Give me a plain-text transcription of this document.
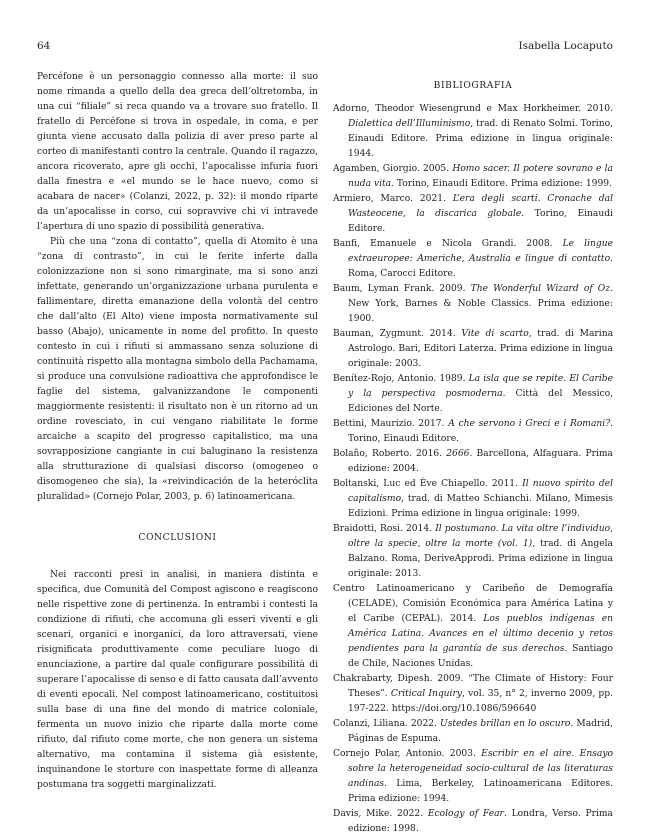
64	Isabella Locaputo

Percéfone è un personaggio connesso alla morte: il suo nome rimanda a quello della dea greca dell’oltretomba, in una cui “filiale” si reca quando va a trovare suo fratello. Il fratello di Percéfone si trova in ospedale, in coma, e per giunta viene accusato dalla polizia di aver preso parte al corteo di manifestanti contro la centrale. Quando il ragazzo, ancora ricoverato, apre gli occhi, l’apocalisse infuria fuori dalla finestra e «el mundo se le hace nuevo, como si acabara de nacer» (Colanzi, 2022, p. 32): il mondo riparte da un’apocalisse in corso, cui sopravvive chi vi intravede l’apertura di uno spazio di possibilità generativa.

Più che una “zona di contatto”, quella di Atomito è una “zona di contrasto”, in cui le ferite inferte dalla colonizzazione non si sono rimarginate, ma si sono anzi infettate, generando un’organizzazione urbana purulenta e fallimentare, diretta emanazione della volontà del centro che dall’alto (El Alto) viene imposta normativamente sul basso (Abajo), unicamente in nome del profitto. In questo contesto in cui i rifiuti si ammassano senza soluzione di continuità rispetto alla montagna simbolo della Pachamama, si produce una convulsione radioattiva che approfondisce le faglie del sistema, galvanizzandone le componenti maggiormente resistenti: il risultato non è un ritorno ad un ordine rovesciato, in cui vengano riabilitate le forme arcaiche a scapito del progresso capitalistico, ma una sovrapposizione cangiante in cui baluginano la resistenza alla strutturazione di qualsiasi discorso (omogeneo o disomogeneo che sia), la «reivindicación de la heteróclita pluralidad» (Cornejo Polar, 2003, p. 6) latinoamericana.

CONCLUSIONI

Nei racconti presi in analisi, in maniera distinta e specifica, due Comunità del Compost agiscono e reagiscono nelle rispettive zone di pertinenza. In entrambi i contesti la condizione di rifiuti, che accomuna gli esseri viventi e gli scenari, organici e inorganici, da loro attraversati, viene risignificata produttivamente come peculiare luogo di enunciazione, a partire dal quale configurare possibilità di superare l’apocalisse di senso e di fatto causata dall’avvento di eventi epocali. Nel compost latinoamericano, costituitosi sulla base di una fine del mondo di matrice coloniale, fermenta un nuovo inizio che riparte dalla morte come rifiuto, dal rifiuto come morte, che non genera un sistema alternativo, ma contamina il sistema già esistente, inquinandone le storture con inaspettate forme di alleanza postumana tra soggetti marginalizzati.

BIBLIOGRAFIA
Adorno, Theodor Wiesengrund e Max Horkheimer. 2010. Dialettica dell’Illuminismo, trad. di Renato Solmi. Torino, Einaudi Editore. Prima edizione in lingua originale: 1944.
Agamben, Giorgio. 2005. Homo sacer. Il potere sovrano e la nuda vita. Torino, Einaudi Editore. Prima edizione: 1999.
Armiero, Marco. 2021. L’era degli scarti. Cronache dal Wasteocene, la discarica globale. Torino, Einaudi Editore.
Banfi, Emanuele e Nicola Grandi. 2008. Le lingue extraeuropee: Americhe, Australia e lingue di contatto. Roma, Carocci Editore.
Baum, Lyman Frank. 2009. The Wonderful Wizard of Oz. New York, Barnes & Noble Classics. Prima edizione: 1900.
Bauman, Zygmunt. 2014. Vite di scarto, trad. di Marina Astrologo. Bari, Editori Laterza. Prima edizione in lingua originale: 2003.
Benítez-Rojo, Antonio. 1989. La isla que se repite. El Caribe y la perspectiva posmoderna. Città del Messico, Ediciones del Norte.
Bettini, Maurizio. 2017. A che servono i Greci e i Romani?. Torino, Einaudi Editore.
Bolaño, Roberto. 2016. 2666. Barcellona, Alfaguara. Prima edizione: 2004.
Boltanski, Luc ed Ève Chiapello. 2011. Il nuovo spirito del capitalismo, trad. di Matteo Schianchi. Milano, Mimesis Edizioni. Prima edizione in lingua originale: 1999.
Braidotti, Rosi. 2014. Il postumano. La vita oltre l’individuo, oltre la specie, oltre la morte (vol. 1), trad. di Angela Balzano. Roma, DeriveApprodi. Prima edizione in lingua originale: 2013.
Centro Latinoamericano y Caribeño de Demografía (CELADE), Comisión Económica para América Latina y el Caribe (CEPAL). 2014. Los pueblos indígenas en América Latina. Avances en el último decenio y retos pendientes para la garantía de sus derechos. Santiago de Chile, Naciones Unidas.
Chakrabarty, Dipesh. 2009. “The Climate of History: Four Theses”. Critical Inquiry, vol. 35, n° 2, inverno 2009, pp. 197-222. https://doi.org/10.1086/596640
Colanzi, Liliana. 2022. Ustedes brillan en lo oscuro. Madrid, Páginas de Espuma.
Cornejo Polar, Antonio. 2003. Escribir en el aire. Ensayo sobre la heterogeneidad socio-cultural de las literaturas andinas. Lima, Berkeley, Latinoamericana Editores. Prima edizione: 1994.
Davis, Mike. 2022. Ecology of Fear. Londra, Verso. Prima edizione: 1998.
